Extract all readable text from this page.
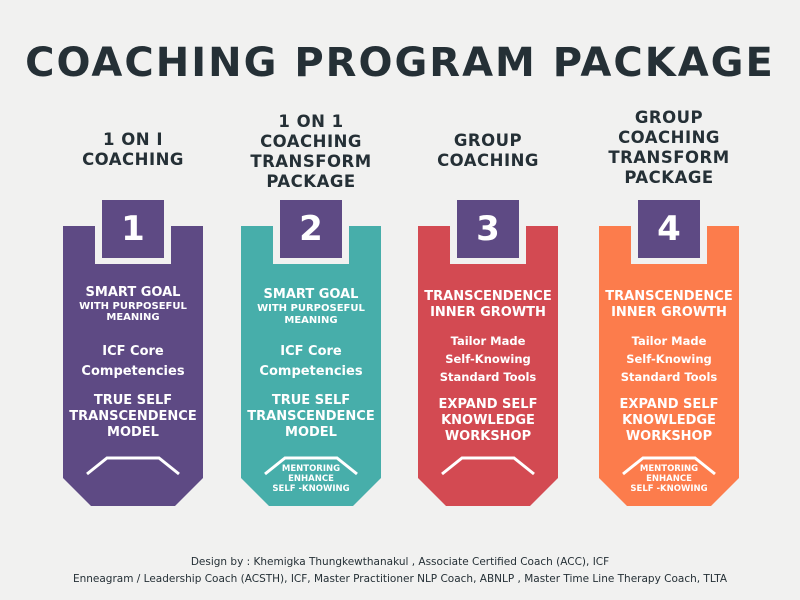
COACHING PROGRAM PACKAGE
1 ON I
COACHING
1
SMART GOAL
WITH PURPOSEFUL
MEANING
ICF Core
Competencies
TRUE SELF
TRANSCENDENCE
MODEL
1 ON 1
COACHING
TRANSFORM
PACKAGE
2
SMART GOAL
WITH PURPOSEFUL
MEANING
ICF Core
Competencies
TRUE SELF
TRANSCENDENCE
MODEL
MENTORING
ENHANCE
SELF -KNOWING
GROUP
COACHING
3
TRANSCENDENCE
INNER GROWTH
Tailor Made
Self-Knowing
Standard Tools
EXPAND SELF
KNOWLEDGE
WORKSHOP
GROUP
COACHING
TRANSFORM
PACKAGE
4
TRANSCENDENCE
INNER GROWTH
Tailor Made
Self-Knowing
Standard Tools
EXPAND SELF
KNOWLEDGE
WORKSHOP
MENTORING
ENHANCE
SELF -KNOWING
Design by : Khemigka Thungkewthanakul , Associate Certified Coach (ACC), ICF
Enneagram / Leadership Coach (ACSTH), ICF, Master Practitioner NLP Coach, ABNLP , Master Time Line Therapy Coach, TLTA
